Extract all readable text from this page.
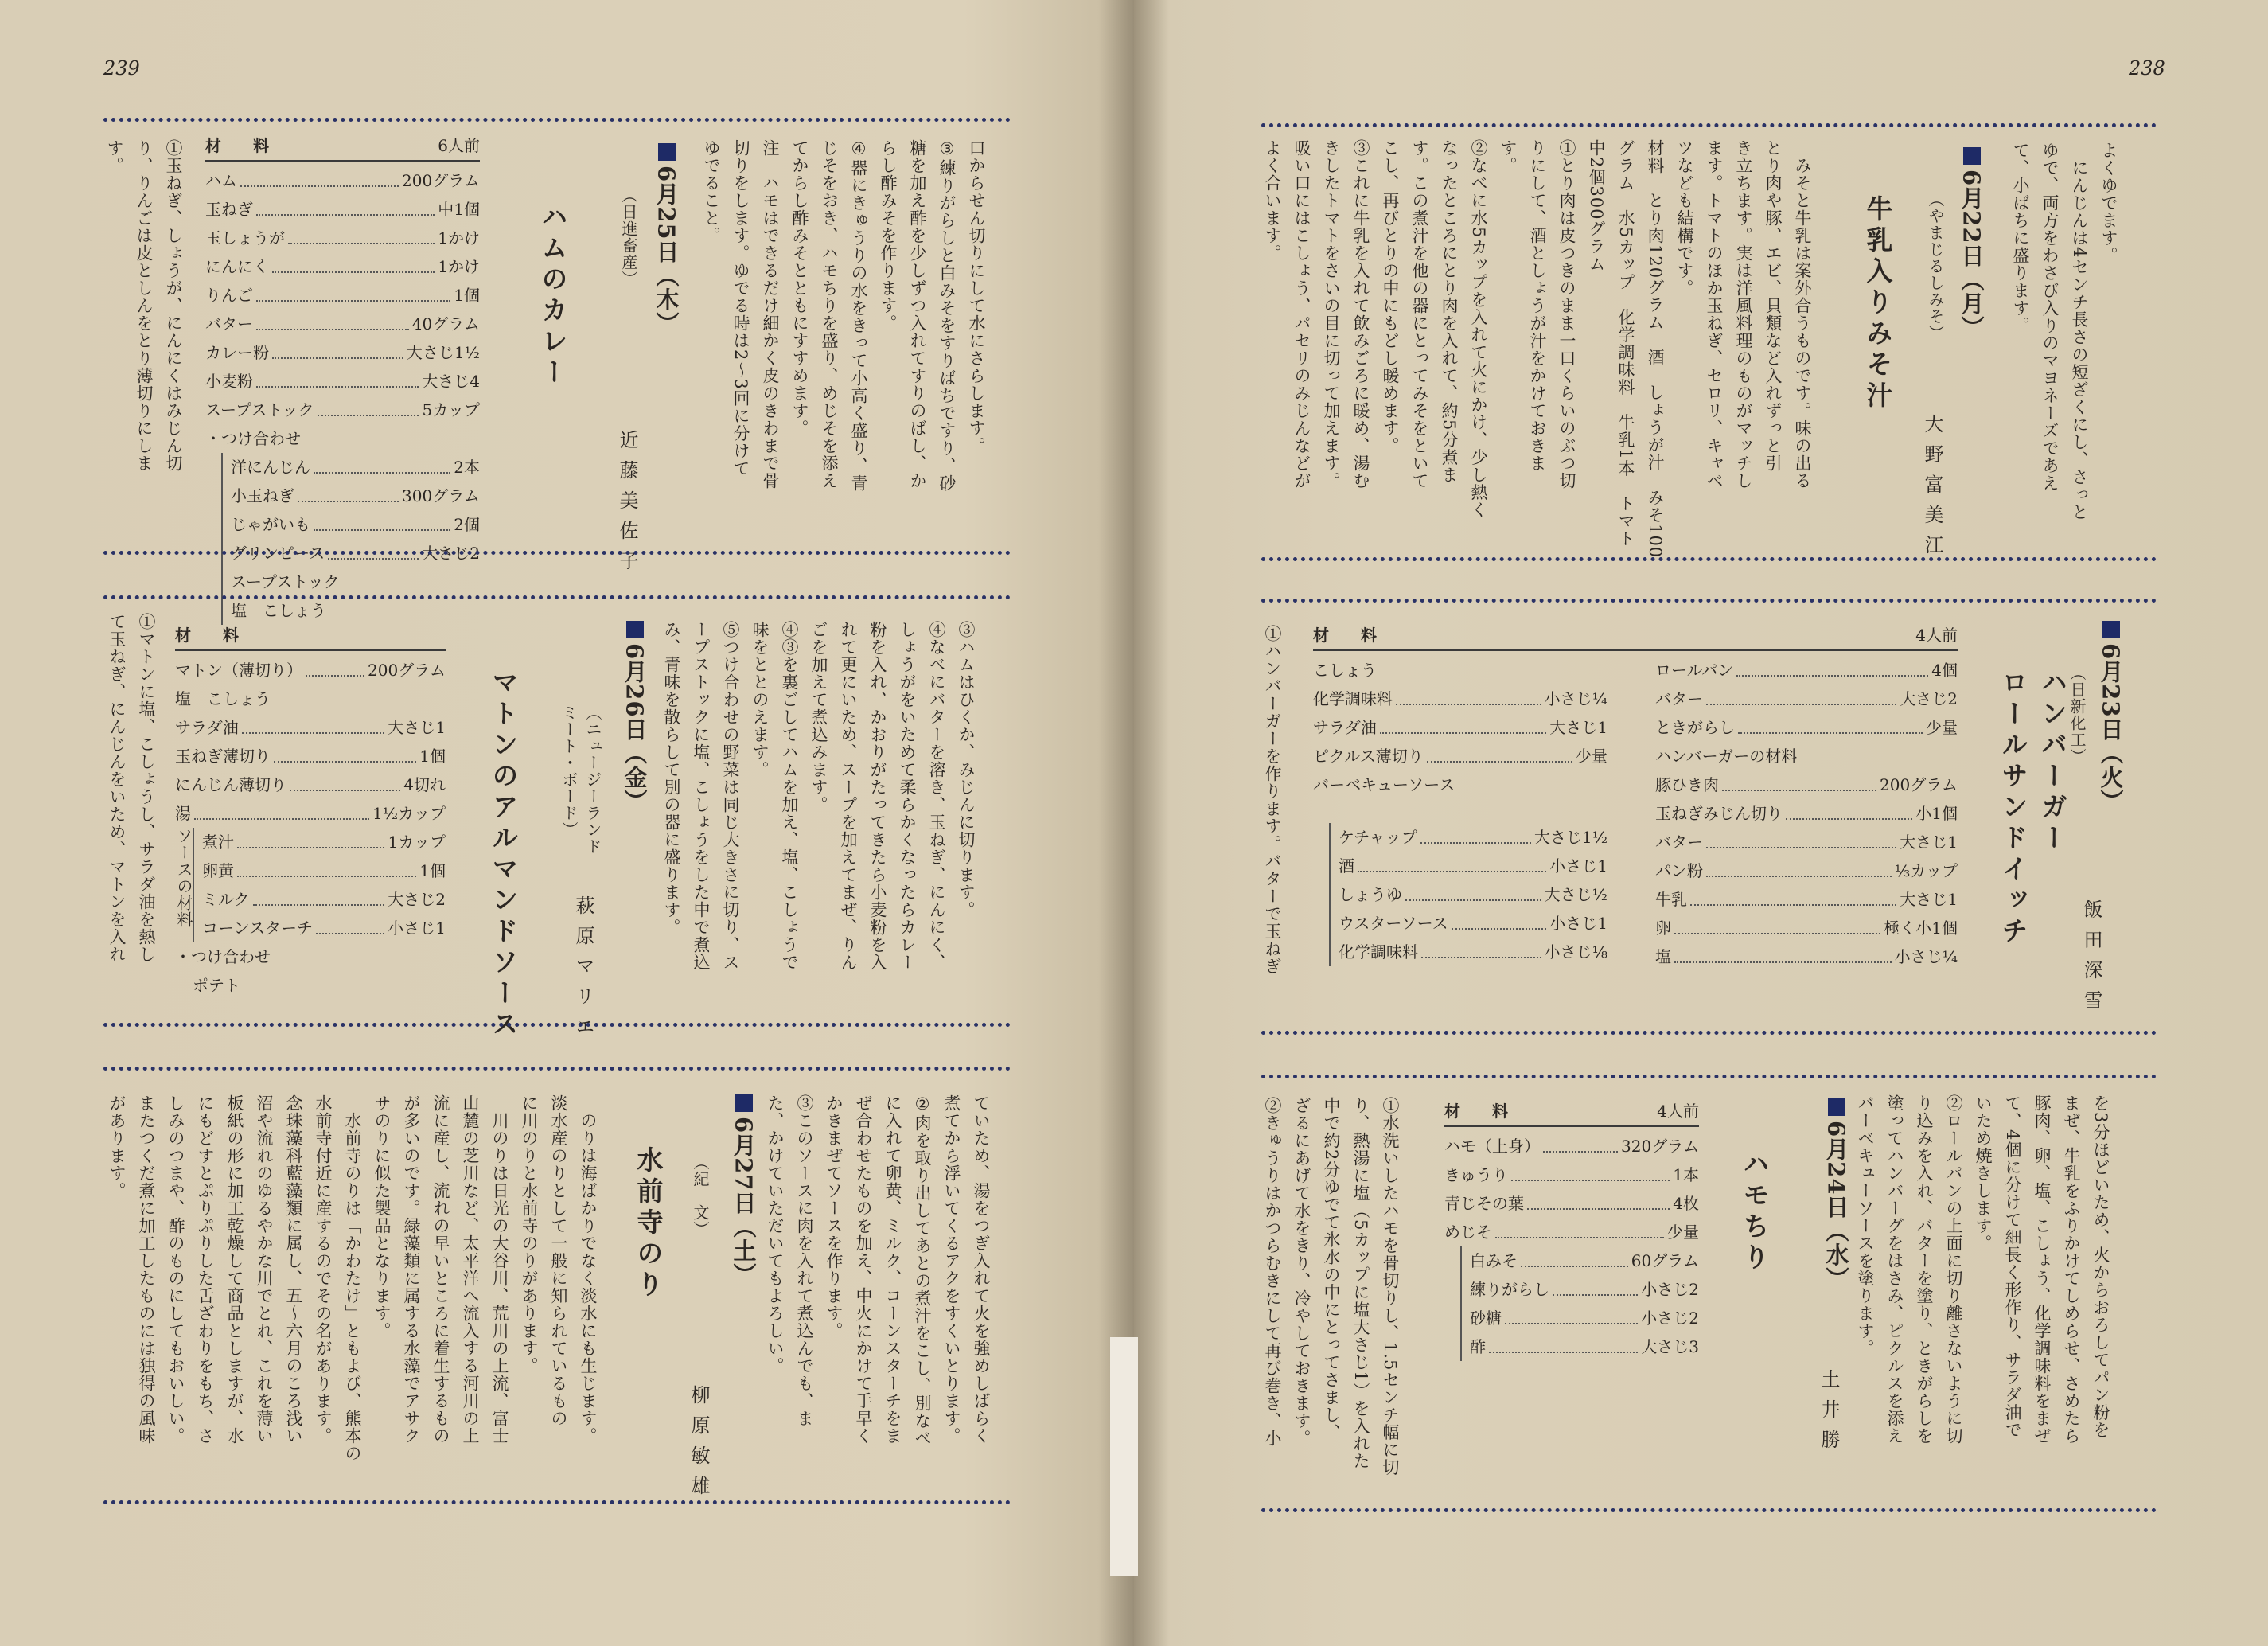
239
口からせん切りにして水にさらします。
③練りがらしと白みそをすりばちですり、砂
糖を加え酢を少しずつ入れてすりのばし、か
らし酢みそを作ります。
④器にきゅうりの水をきって小高く盛り、青
じそをおき、ハモちりを盛り、めじそを添え
てからし酢みそとともにすすめます。
注　ハモはできるだけ細かく皮のきわまで骨
切りをします。ゆでる時は2～3回に分けて
ゆでること。
6月25日（木）
（日進畜産）
近藤美佐子
ハムのカレー
材　料	6人前
ハム	200グラム
玉ねぎ	中1個
玉しょうが	1かけ
にんにく	1かけ
りんご	1個
バター	40グラム
カレー粉	大さじ1½
小麦粉	大さじ4
スープストック	5カップ
・つけ合わせ
洋にんじん	2本
小玉ねぎ	300グラム
じゃがいも	2個
グリンピース	大さじ2
スープストック
塩　こしょう
①玉ねぎ、しょうが、にんにくはみじん切
り、りんごは皮としんをとり薄切りにしま
す。
③ハムはひくか、みじんに切ります。
④なべにバターを溶き、玉ねぎ、にんにく、
しょうがをいためて柔らかくなったらカレー
粉を入れ、かおりがたってきたら小麦粉を入
れて更にいため、スープを加えてまぜ、りん
ごを加えて煮込みます。
④③を裏ごしてハムを加え、塩、こしょうで
味をととのえます。
⑤つけ合わせの野菜は同じ大きさに切り、ス
ープストックに塩、こしょうをした中で煮込
み、青味を散らして別の器に盛ります。
6月26日（金）
（ニュージーランド
ミート・ボード）
萩原マリエ
マトンのアルマンドソース
材　料
マトン（薄切り）	200グラム
塩　こしょう
サラダ油	大さじ1
玉ねぎ薄切り	1個
にんじん薄切り	4切れ
湯	1½カップ
ソースの材料 煮汁	1カップ
卵黄	1個
ミルク	大さじ2
コーンスターチ	小さじ1
・つけ合わせ
ポテト
①マトンに塩、こしょうし、サラダ油を熱し
て玉ねぎ、にんじんをいため、マトンを入れ
ていため、湯をつぎ入れて火を強めしばらく
煮てから浮いてくるアクをすくいとります。
②肉を取り出してあとの煮汁をこし、別なべ
に入れて卵黄、ミルク、コーンスターチをま
ぜ合わせたものを加え、中火にかけて手早く
かきまぜてソースを作ります。
③このソースに肉を入れて煮込んでも、ま
た、かけていただいてもよろしい。
6月27日（土）
（紀　文）
柳原敏雄
水前寺のり
　のりは海ばかりでなく淡水にも生じます。
淡水産のりとして一般に知られているもの
に川のりと水前寺のりがあります。
　川のりは日光の大谷川、荒川の上流、富士
山麓の芝川など、太平洋へ流入する河川の上
流に産し、流れの早いところに着生するもの
が多いのです。緑藻類に属する水藻でアサク
サのりに似た製品となります。
　水前寺のりは「かわたけ」ともよび、熊本の
水前寺付近に産するのでその名があります。
念珠藻科藍藻類に属し、五～六月のころ浅い
沼や流れのゆるやかな川でとれ、これを薄い
板紙の形に加工乾燥して商品としますが、水
にもどすとぷりぷりした舌ざわりをもち、さ
しみのつまや、酢のものにしてもおいしい。
またつくだ煮に加工したものには独得の風味
があります。
238
よくゆでます。
　にんじんは4センチ長さの短ざくにし、さっと
ゆで、両方をわさび入りのマヨネーズであえ
て、小ばちに盛ります。
6月22日（月）
（やまじるしみそ）
大野富美江
牛乳入りみそ汁
　みそと牛乳は案外合うものです。味の出る
とり肉や豚、エビ、貝類など入れずっと引
き立ちます。実は洋風料理のものがマッチし
ます。トマトのほか玉ねぎ、セロリ、キャベ
ツなども結構です。
材料　とり肉120グラム　酒　しょうが汁　みそ100
グラム　水5カップ　化学調味料　牛乳1本　トマト
中2個300グラム
①とり肉は皮つきのまま一口くらいのぶつ切
りにして、酒としょうが汁をかけておきま
す。
②なべに水5カップを入れて火にかけ、少し熱く
なったところにとり肉を入れて、約5分煮ま
す。この煮汁を他の器にとってみそをといて
こし、再びとりの中にもどし暖めます。
③これに牛乳を入れて飲みごろに暖め、湯む
きしたトマトをさいの目に切って加えます。
吸い口にはこしょう、パセリのみじんなどが
よく合います。
6月23日（火）
（日新化工）
飯田深雪
ハンバーガー
ロールサンドイッチ
材　料	4人前
こしょう
化学調味料	小さじ¼
サラダ油	大さじ1
ピクルス薄切り	少量
バーベキューソース
ケチャップ	大さじ1½
酒	小さじ1
しょうゆ	大さじ½
ウスターソース	小さじ1
化学調味料	小さじ⅛
ロールパン	4個
バター	大さじ2
ときがらし	少量
ハンバーガーの材料
豚ひき肉	200グラム
玉ねぎみじん切り	小1個
バター	大さじ1
パン粉	⅓カップ
牛乳	大さじ1
卵	極く小1個
塩	小さじ¼
①ハンバーガーを作ります。バターで玉ねぎ
を3分ほどいため、火からおろしてパン粉を
まぜ、牛乳をふりかけてしめらせ、さめたら
豚肉、卵、塩、こしょう、化学調味料をまぜ
て、4個に分けて細長く形作り、サラダ油で
いため焼きします。
②ロールパンの上面に切り離さないように切
り込みを入れ、バターを塗り、ときがらしを
塗ってハンバーグをはさみ、ピクルスを添え
バーベキューソースを塗ります。
6月24日（水）
土井勝
ハモちり
材　料	4人前
ハモ（上身）	320グラム
きゅうり	1本
青じその葉	4枚
めじそ	少量
白みそ	60グラム
練りがらし	小さじ2
砂糖	小さじ2
酢	大さじ3
①水洗いしたハモを骨切りし、1.5センチ幅に切
り、熱湯に塩（5カップに塩大さじ1）を入れた
中で約2分ゆでて氷水の中にとってさまし、
ざるにあげて水をきり、冷やしておきます。
②きゅうりはかつらむきにして再び巻き、小
